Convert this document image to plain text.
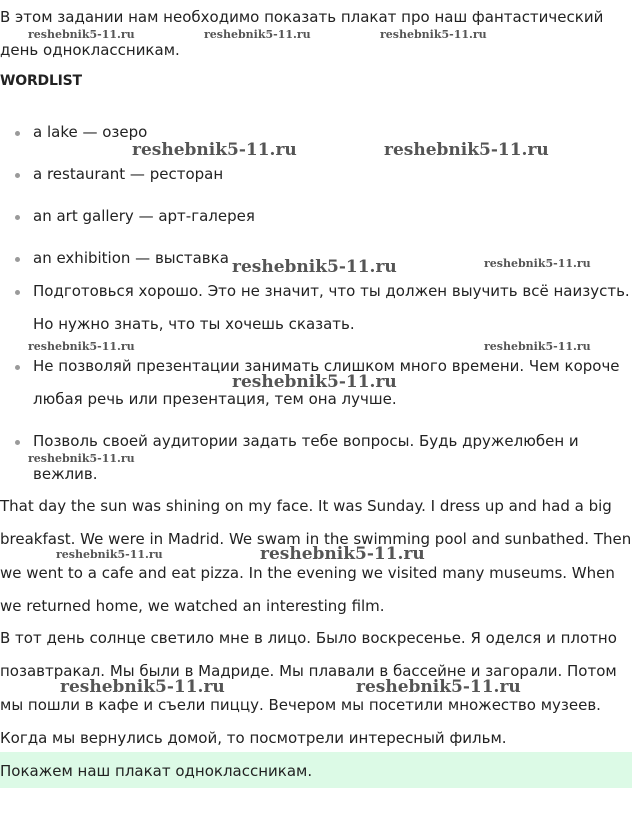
В этом задании нам необходимо показать плакат про наш фантастический

день одноклассникам.

WORDLIST

a lake — озеро
a restaurant — ресторан
an art gallery — арт-галерея
an exhibition — выставка
Подготовься хорошо. Это не значит, что ты должен выучить всё наизусть.
Но нужно знать, что ты хочешь сказать.
Не позволяй презентации занимать слишком много времени. Чем короче
любая речь или презентация, тем она лучше.
Позволь своей аудитории задать тебе вопросы. Будь дружелюбен и
вежлив.

That day the sun was shining on my face. It was Sunday. I dress up and had a big

breakfast. We were in Madrid. We swam in the swimming pool and sunbathed. Then

we went to a cafe and eat pizza. In the evening we visited many museums. When

we returned home, we watched an interesting film.

В тот день солнце светило мне в лицо. Было воскресенье. Я оделся и плотно

позавтракал. Мы были в Мадриде. Мы плавали в бассейне и загорали. Потом

мы пошли в кафе и съели пиццу. Вечером мы посетили множество музеев.

Когда мы вернулись домой, то посмотрели интересный фильм.

Покажем наш плакат одноклассникам.
reshebnik5-11.ru	reshebnik5-11.ru	reshebnik5-11.ru
reshebnik5-11.ru	reshebnik5-11.ru
reshebnik5-11.ru	reshebnik5-11.ru
reshebnik5-11.ru	reshebnik5-11.ru
reshebnik5-11.ru
reshebnik5-11.ru
reshebnik5-11.ru	reshebnik5-11.ru
reshebnik5-11.ru	reshebnik5-11.ru
